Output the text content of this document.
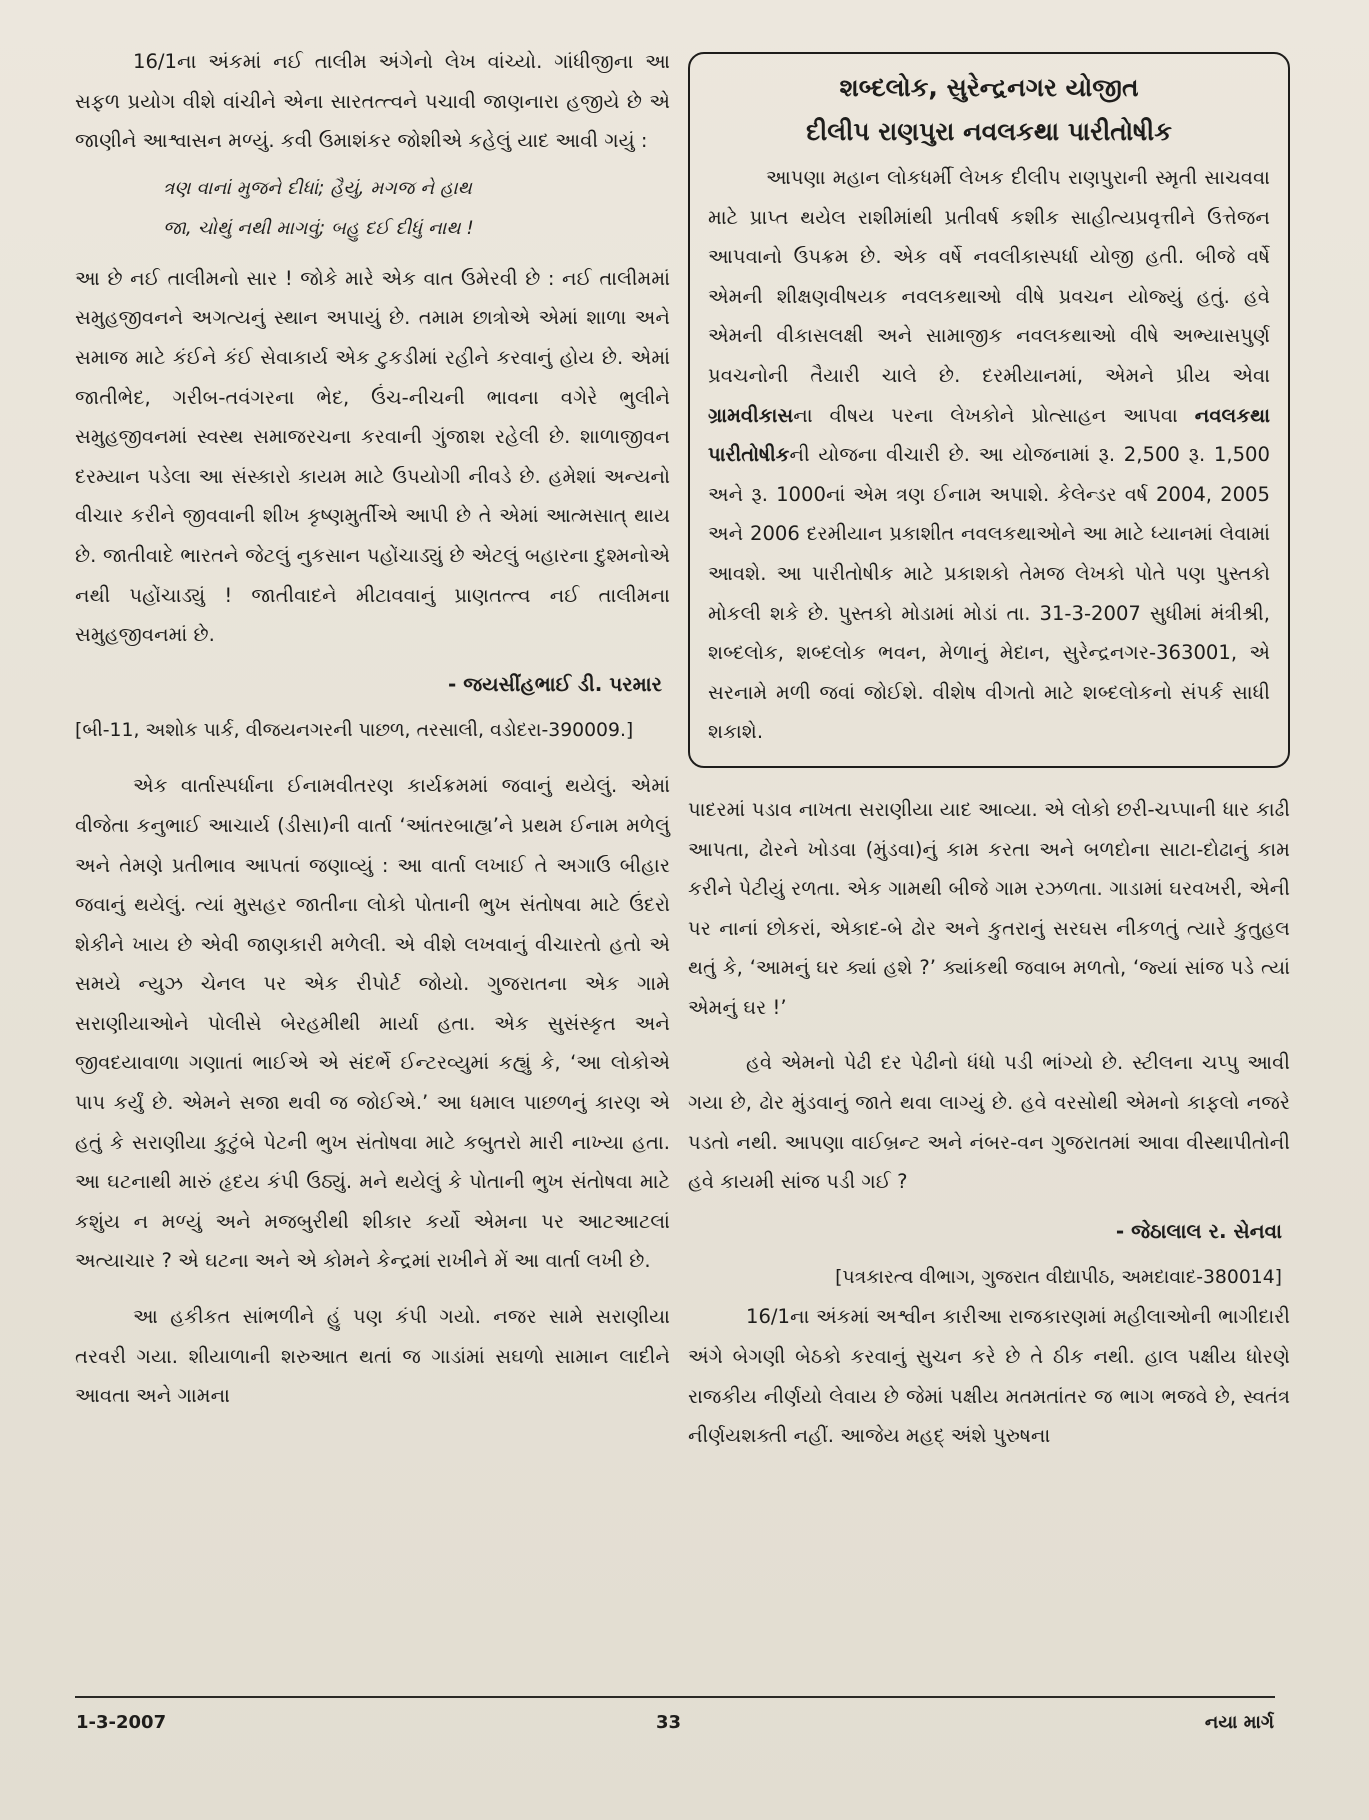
16/1ના અંકમાં નઈ તાલીમ અંગેનો લેખ વાંચ્યો. ગાંધીજીના આ સફળ પ્રયોગ વીશે વાંચીને એના સારતત્ત્વને પચાવી જાણનારા હજીયે છે એ જાણીને આશ્વાસન મળ્યું. કવી ઉમાશંકર જોશીએ કહેલું યાદ આવી ગયું :

ત્રણ વાનાં મુજને દીધાં; હૈયું, મગજ ને હાથ
જા, ચોથું નથી માગવું; બહુ દઈ દીધું નાથ !

આ છે નઈ તાલીમનો સાર ! જોકે મારે એક વાત ઉમેરવી છે : નઈ તાલીમમાં સમુહજીવનને અગત્યનું સ્થાન અપાયું છે. તમામ છાત્રોએ એમાં શાળા અને સમાજ માટે કંઈને કંઈ સેવાકાર્ય એક ટુકડીમાં રહીને કરવાનું હોય છે. એમાં જાતીભેદ, ગરીબ-તવંગરના ભેદ, ઉંચ-નીચની ભાવના વગેરે ભુલીને સમુહજીવનમાં સ્વસ્થ સમાજરચના કરવાની ગુંજાશ રહેલી છે. શાળાજીવન દરમ્યાન પડેલા આ સંસ્કારો કાયમ માટે ઉપયોગી નીવડે છે. હમેશાં અન્યનો વીચાર કરીને જીવવાની શીખ કૃષ્ણમુર્તીએ આપી છે તે એમાં આત્મસાત્ થાય છે. જાતીવાદે ભારતને જેટલું નુકસાન પહોંચાડ્યું છે એટલું બહારના દુશ્મનોએ નથી પહોંચાડ્યું ! જાતીવાદને મીટાવવાનું પ્રાણતત્ત્વ નઈ તાલીમના સમુહજીવનમાં છે.

- જયસીંહભાઈ ડી. પરમાર

[બી-11, અશોક પાર્ક, વીજયનગરની પાછળ, તરસાલી, વડોદરા-390009.]

એક વાર્તાસ્પર્ધાના ઈનામવીતરણ કાર્યક્રમમાં જવાનું થયેલું. એમાં વીજેતા કનુભાઈ આચાર્ય (ડીસા)ની વાર્તા ‘આંતરબાહ્ય’ને પ્રથમ ઈનામ મળેલું અને તેમણે પ્રતીભાવ આપતાં જણાવ્યું : આ વાર્તા લખાઈ તે અગાઉ બીહાર જવાનું થયેલું. ત્યાં મુસહર જાતીના લોકો પોતાની ભુખ સંતોષવા માટે ઉંદરો શેકીને ખાય છે એવી જાણકારી મળેલી. એ વીશે લખવાનું વીચારતો હતો એ સમયે ન્યુઝ ચેનલ પર એક રીપોર્ટ જોયો. ગુજરાતના એક ગામે સરાણીયાઓને પોલીસે બેરહમીથી માર્યા હતા. એક સુસંસ્કૃત અને જીવદયાવાળા ગણાતાં ભાઈએ એ સંદર્ભે ઈન્ટરવ્યુમાં કહ્યું કે, ‘આ લોકોએ પાપ કર્યું છે. એમને સજા થવી જ જોઈએ.’ આ ધમાલ પાછળનું કારણ એ હતું કે સરાણીયા કુટુંબે પેટની ભુખ સંતોષવા માટે કબુતરો મારી નાખ્યા હતા. આ ઘટનાથી મારું હૃદય કંપી ઉઠ્યું. મને થયેલું કે પોતાની ભુખ સંતોષવા માટે કશુંય ન મળ્યું અને મજબુરીથી શીકાર કર્યો એમના પર આટઆટલાં અત્યાચાર ? એ ઘટના અને એ કોમને કેન્દ્રમાં રાખીને મેં આ વાર્તા લખી છે.

આ હકીકત સાંભળીને હું પણ કંપી ગયો. નજર સામે સરાણીયા તરવરી ગયા. શીયાળાની શરુઆત થતાં જ ગાડાંમાં સઘળો સામાન લાદીને આવતા અને ગામના

શબ્દલોક, સુરેન્દ્રનગર યોજીત
દીલીપ રાણપુરા નવલકથા પારીતોષીક

આપણા મહાન લોકધર્મી લેખક દીલીપ રાણપુરાની સ્મૃતી સાચવવા માટે પ્રાપ્ત થયેલ રાશીમાંથી પ્રતીવર્ષ કશીક સાહીત્યપ્રવૃત્તીને ઉત્તેજન આપવાનો ઉપક્રમ છે. એક વર્ષે નવલીકાસ્પર્ધા યોજી હતી. બીજે વર્ષે એમની શીક્ષણવીષયક નવલકથાઓ વીષે પ્રવચન યોજ્યું હતું. હવે એમની વીકાસલક્ષી અને સામાજીક નવલકથાઓ વીષે અભ્યાસપુર્ણ પ્રવચનોની તૈયારી ચાલે છે. દરમીયાનમાં, એમને પ્રીય એવા ગ્રામવીકાસના વીષય પરના લેખકોને પ્રોત્સાહન આપવા નવલકથા પારીતોષીકની યોજના વીચારી છે. આ યોજનામાં રૂ. 2,500 રૂ. 1,500 અને રૂ. 1000નાં એમ ત્રણ ઈનામ અપાશે. કેલેન્ડર વર્ષ 2004, 2005 અને 2006 દરમીયાન પ્રકાશીત નવલકથાઓને આ માટે ધ્યાનમાં લેવામાં આવશે. આ પારીતોષીક માટે પ્રકાશકો તેમજ લેખકો પોતે પણ પુસ્તકો મોકલી શકે છે. પુસ્તકો મોડામાં મોડાં તા. 31-3-2007 સુધીમાં મંત્રીશ્રી, શબ્દલોક, શબ્દલોક ભવન, મેળાનું મેદાન, સુરેન્દ્રનગર-363001, એ સરનામે મળી જવાં જોઈશે. વીશેષ વીગતો માટે શબ્દલોકનો સંપર્ક સાધી શકાશે.

પાદરમાં પડાવ નાખતા સરાણીયા યાદ આવ્યા. એ લોકો છરી-ચપ્પાની ધાર કાઢી આપતા, ઢોરને ખોડવા (મુંડવા)નું કામ કરતા અને બળદોના સાટા-દોઢાનું કામ કરીને પેટીયું રળતા. એક ગામથી બીજે ગામ રઝળતા. ગાડામાં ઘરવખરી, એની પર નાનાં છોકરાં, એકાદ-બે ઢોર અને કુતરાનું સરઘસ નીકળતું ત્યારે કુતુહલ થતું કે, ‘આમનું ઘર ક્યાં હશે ?’ ક્યાંકથી જવાબ મળતો, ‘જ્યાં સાંજ પડે ત્યાં એમનું ઘર !’

હવે એમનો પેઢી દર પેઢીનો ધંધો પડી ભાંગ્યો છે. સ્ટીલના ચપ્પુ આવી ગયા છે, ઢોર મુંડવાનું જાતે થવા લાગ્યું છે. હવે વરસોથી એમનો કાફલો નજરે પડતો નથી. આપણા વાઈબ્રન્ટ અને નંબર-વન ગુજરાતમાં આવા વીસ્થાપીતોની હવે કાયમી સાંજ પડી ગઈ ?

- જેઠાલાલ ર. સેનવા

[પત્રકારત્વ વીભાગ, ગુજરાત વીદ્યાપીઠ, અમદાવાદ-380014]

16/1ના અંકમાં અશ્વીન કારીઆ રાજકારણમાં મહીલાઓની ભાગીદારી અંગે બેગણી બેઠકો કરવાનું સુચન કરે છે તે ઠીક નથી. હાલ પક્ષીય ધોરણે રાજકીય નીર્ણયો લેવાય છે જેમાં પક્ષીય મતમતાંતર જ ભાગ ભજવે છે, સ્વતંત્ર નીર્ણયશક્તી નહીં. આજેય મહદ્ અંશે પુરુષના

1-3-2007	33	નયા માર્ગ
